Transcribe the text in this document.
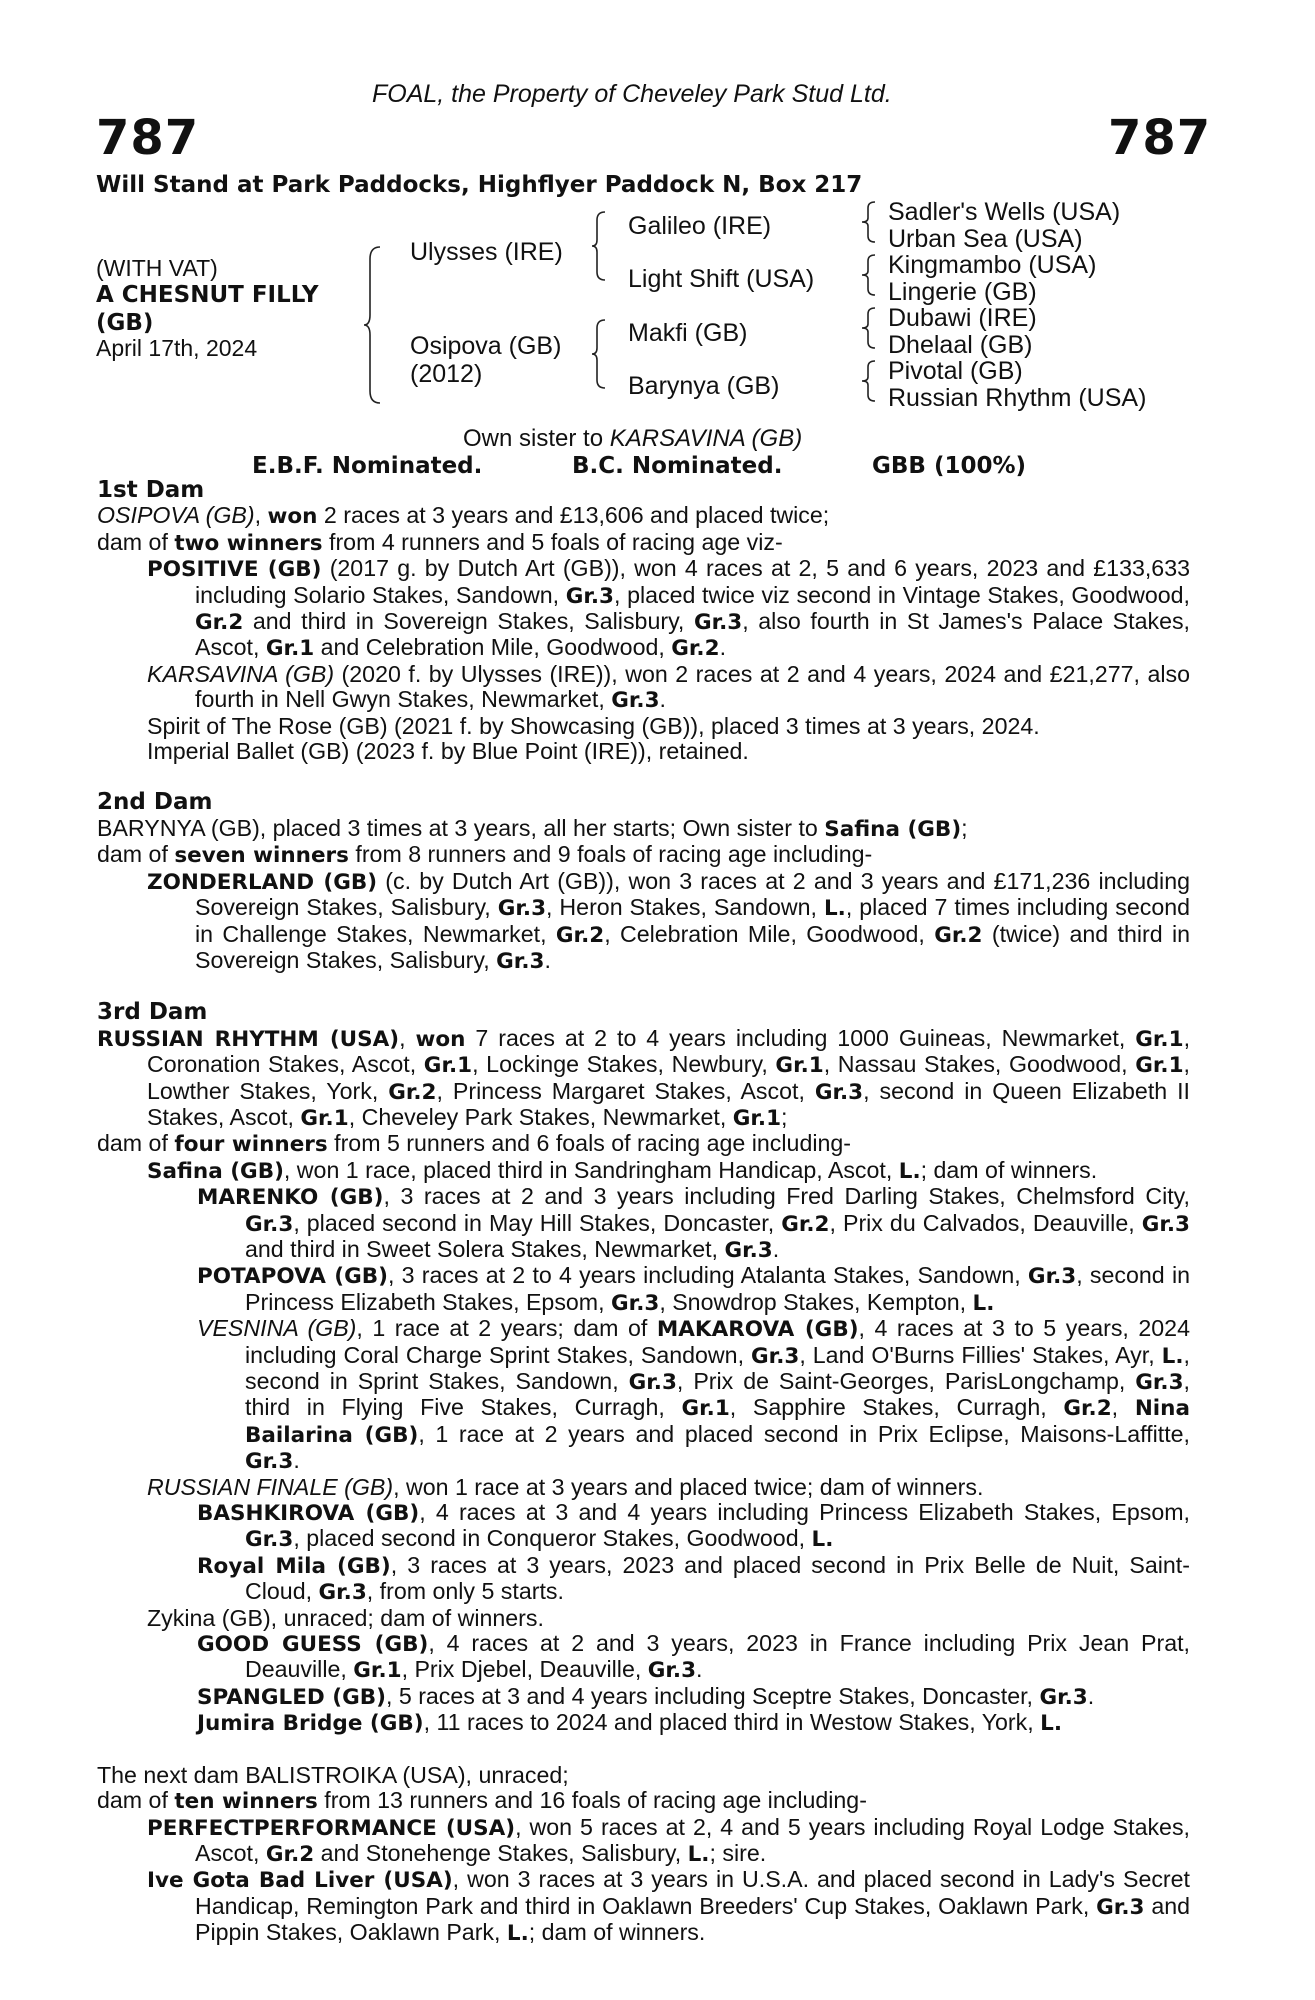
FOAL, the Property of Cheveley Park Stud Ltd.
787	787
Will Stand at Park Paddocks, Highflyer Paddock N, Box 217
(WITH VAT)
A CHESNUT FILLY
(GB)
April 17th, 2024
Ulysses (IRE)
Osipova (GB)
(2012)
Galileo (IRE)
Light Shift (USA)
Makfi (GB)
Barynya (GB)
Sadler's Wells (USA)
Urban Sea (USA)
Kingmambo (USA)
Lingerie (GB)
Dubawi (IRE)
Dhelaal (GB)
Pivotal (GB)
Russian Rhythm (USA)
Own sister to KARSAVINA (GB)
E.B.F. Nominated.	B.C. Nominated.	GBB (100%)
1st Dam

OSIPOVA (GB), won 2 races at 3 years and £13,606 and placed twice;

dam of two winners from 4 runners and 5 foals of racing age viz-

POSITIVE (GB) (2017 g. by Dutch Art (GB)), won 4 races at 2, 5 and 6 years, 2023 and £133,633 including Solario Stakes, Sandown, Gr.3, placed twice viz second in Vintage Stakes, Goodwood, Gr.2 and third in Sovereign Stakes, Salisbury, Gr.3, also fourth in St James's Palace Stakes, Ascot, Gr.1 and Celebration Mile, Goodwood, Gr.2.

KARSAVINA (GB) (2020 f. by Ulysses (IRE)), won 2 races at 2 and 4 years, 2024 and £21,277, also fourth in Nell Gwyn Stakes, Newmarket, Gr.3.

Spirit of The Rose (GB) (2021 f. by Showcasing (GB)), placed 3 times at 3 years, 2024.

Imperial Ballet (GB) (2023 f. by Blue Point (IRE)), retained.

2nd Dam

BARYNYA (GB), placed 3 times at 3 years, all her starts; Own sister to Safina (GB);

dam of seven winners from 8 runners and 9 foals of racing age including-

ZONDERLAND (GB) (c. by Dutch Art (GB)), won 3 races at 2 and 3 years and £171,236 including Sovereign Stakes, Salisbury, Gr.3, Heron Stakes, Sandown, L., placed 7 times including second in Challenge Stakes, Newmarket, Gr.2, Celebration Mile, Goodwood, Gr.2 (twice) and third in Sovereign Stakes, Salisbury, Gr.3.

3rd Dam

RUSSIAN RHYTHM (USA), won 7 races at 2 to 4 years including 1000 Guineas, Newmarket, Gr.1, Coronation Stakes, Ascot, Gr.1, Lockinge Stakes, Newbury, Gr.1, Nassau Stakes, Goodwood, Gr.1, Lowther Stakes, York, Gr.2, Princess Margaret Stakes, Ascot, Gr.3, second in Queen Elizabeth II Stakes, Ascot, Gr.1, Cheveley Park Stakes, Newmarket, Gr.1;

dam of four winners from 5 runners and 6 foals of racing age including-

Safina (GB), won 1 race, placed third in Sandringham Handicap, Ascot, L.; dam of winners.

MARENKO (GB), 3 races at 2 and 3 years including Fred Darling Stakes, Chelmsford City, Gr.3, placed second in May Hill Stakes, Doncaster, Gr.2, Prix du Calvados, Deauville, Gr.3 and third in Sweet Solera Stakes, Newmarket, Gr.3.

POTAPOVA (GB), 3 races at 2 to 4 years including Atalanta Stakes, Sandown, Gr.3, second in Princess Elizabeth Stakes, Epsom, Gr.3, Snowdrop Stakes, Kempton, L.

VESNINA (GB), 1 race at 2 years; dam of MAKAROVA (GB), 4 races at 3 to 5 years, 2024 including Coral Charge Sprint Stakes, Sandown, Gr.3, Land O'Burns Fillies' Stakes, Ayr, L., second in Sprint Stakes, Sandown, Gr.3, Prix de Saint-Georges, ParisLongchamp, Gr.3, third in Flying Five Stakes, Curragh, Gr.1, Sapphire Stakes, Curragh, Gr.2, Nina Bailarina (GB), 1 race at 2 years and placed second in Prix Eclipse, Maisons-Laffitte, Gr.3.

RUSSIAN FINALE (GB), won 1 race at 3 years and placed twice; dam of winners.

BASHKIROVA (GB), 4 races at 3 and 4 years including Princess Elizabeth Stakes, Epsom, Gr.3, placed second in Conqueror Stakes, Goodwood, L.

Royal Mila (GB), 3 races at 3 years, 2023 and placed second in Prix Belle de Nuit, Saint-Cloud, Gr.3, from only 5 starts.

Zykina (GB), unraced; dam of winners.

GOOD GUESS (GB), 4 races at 2 and 3 years, 2023 in France including Prix Jean Prat, Deauville, Gr.1, Prix Djebel, Deauville, Gr.3.

SPANGLED (GB), 5 races at 3 and 4 years including Sceptre Stakes, Doncaster, Gr.3.

Jumira Bridge (GB), 11 races to 2024 and placed third in Westow Stakes, York, L.

The next dam BALISTROIKA (USA), unraced;

dam of ten winners from 13 runners and 16 foals of racing age including-

PERFECTPERFORMANCE (USA), won 5 races at 2, 4 and 5 years including Royal Lodge Stakes, Ascot, Gr.2 and Stonehenge Stakes, Salisbury, L.; sire.

Ive Gota Bad Liver (USA), won 3 races at 3 years in U.S.A. and placed second in Lady's Secret Handicap, Remington Park and third in Oaklawn Breeders' Cup Stakes, Oaklawn Park, Gr.3 and Pippin Stakes, Oaklawn Park, L.; dam of winners.
